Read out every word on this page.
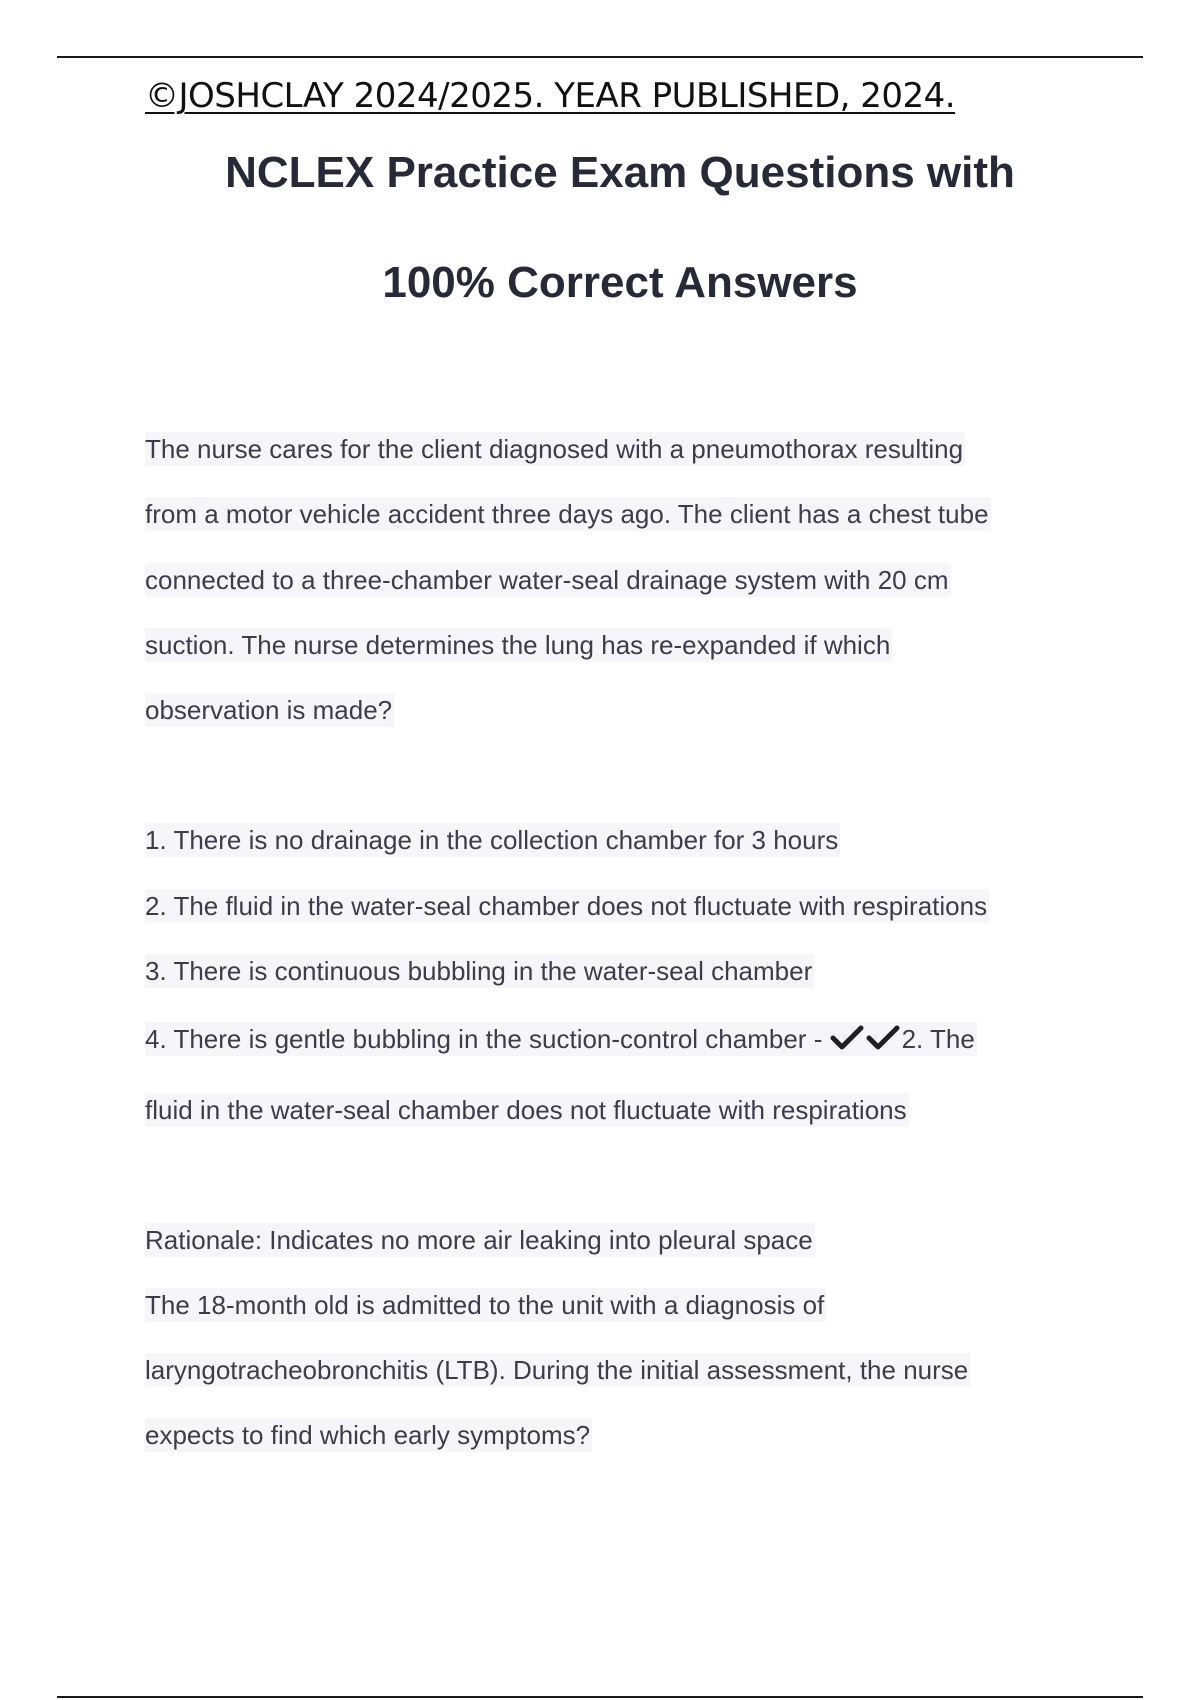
©JOSHCLAY 2024/2025. YEAR PUBLISHED, 2024.
NCLEX Practice Exam Questions with
100% Correct Answers
The nurse cares for the client diagnosed with a pneumothorax resulting
from a motor vehicle accident three days ago. The client has a chest tube
connected to a three-chamber water-seal drainage system with 20 cm
suction. The nurse determines the lung has re-expanded if which
observation is made?
1. There is no drainage in the collection chamber for 3 hours
2. The fluid in the water-seal chamber does not fluctuate with respirations
3. There is continuous bubbling in the water-seal chamber
4. There is gentle bubbling in the suction-control chamber -	2. The
fluid in the water-seal chamber does not fluctuate with respirations
Rationale: Indicates no more air leaking into pleural space
The 18-month old is admitted to the unit with a diagnosis of
laryngotracheobronchitis (LTB). During the initial assessment, the nurse
expects to find which early symptoms?
